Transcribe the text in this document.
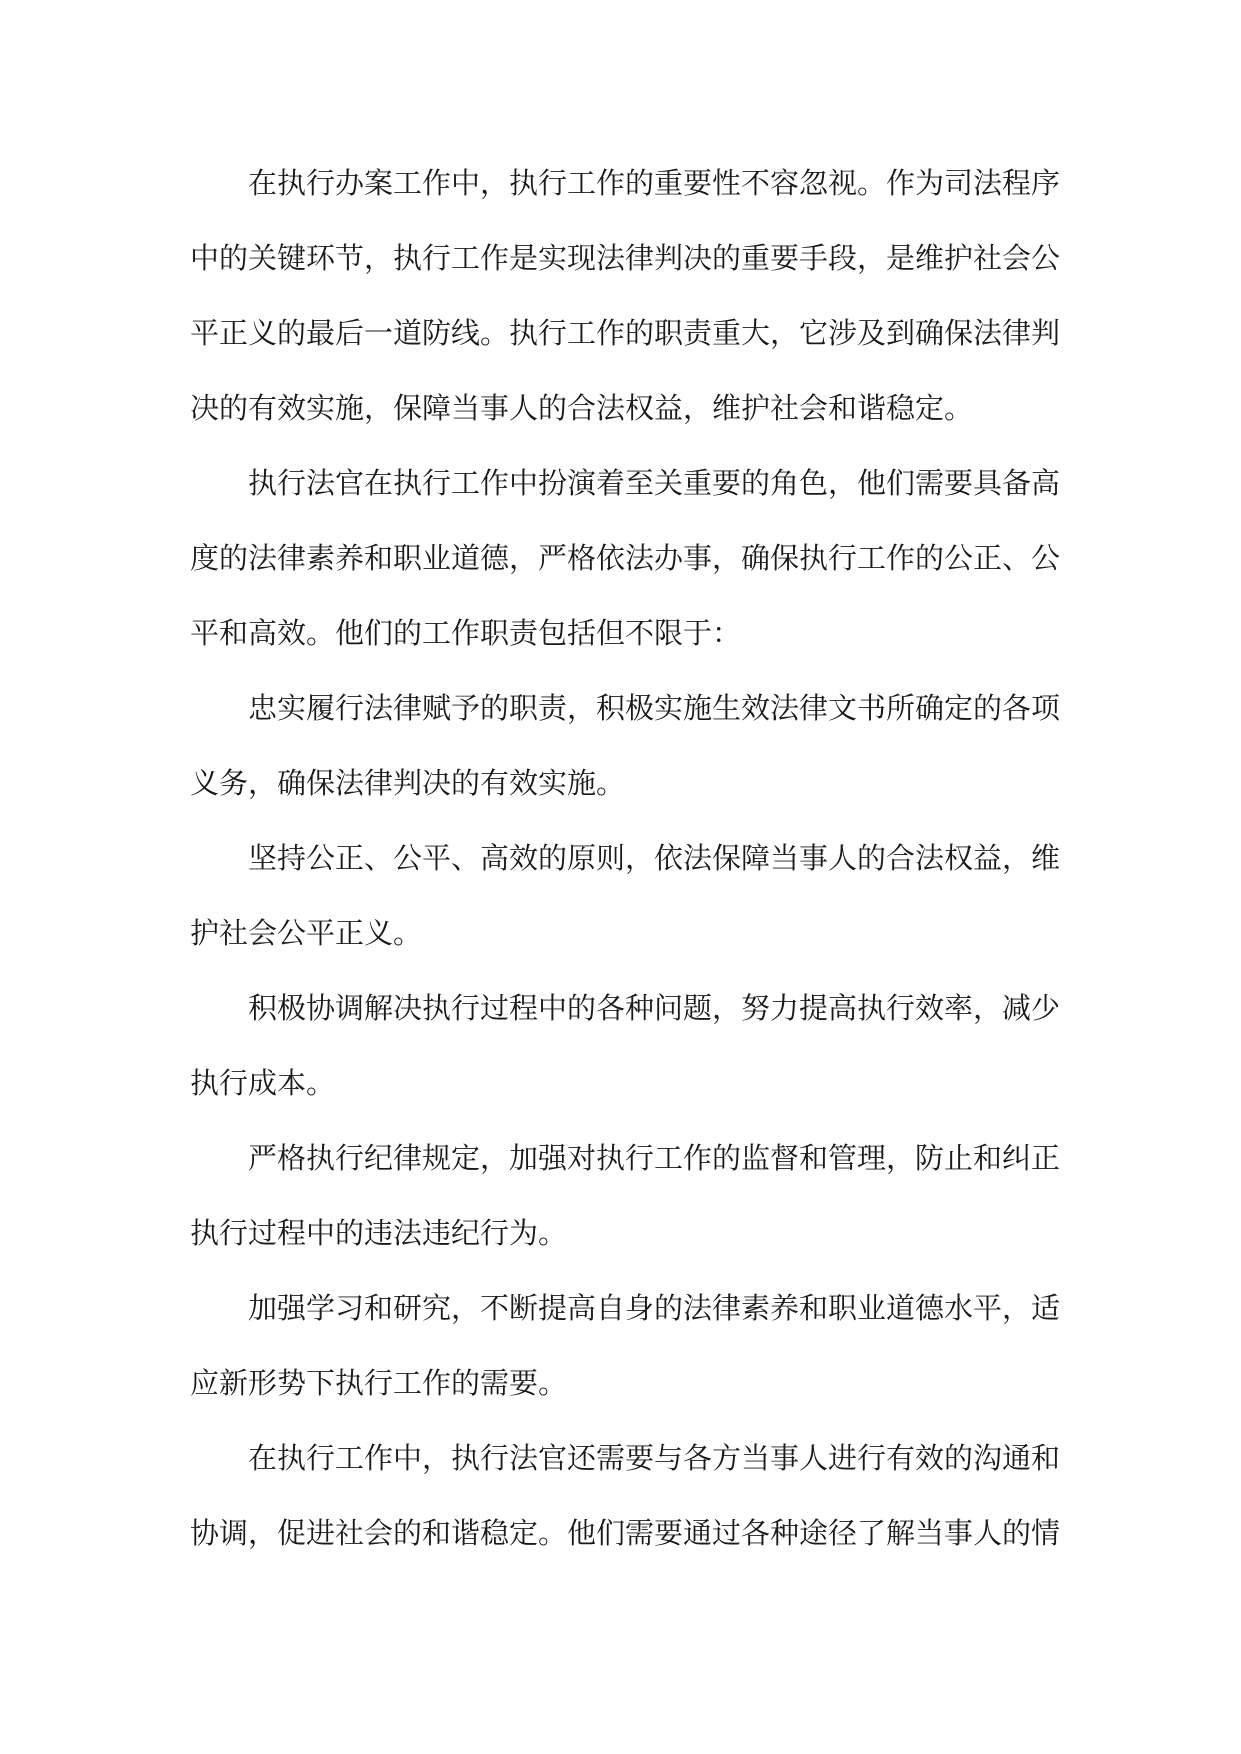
在执行办案工作中，执行工作的重要性不容忽视。作为司法程序中的关键环节，执行工作是实现法律判决的重要手段，是维护社会公平正义的最后一道防线。执行工作的职责重大，它涉及到确保法律判决的有效实施，保障当事人的合法权益，维护社会和谐稳定。

执行法官在执行工作中扮演着至关重要的角色，他们需要具备高度的法律素养和职业道德，严格依法办事，确保执行工作的公正、公平和高效。他们的工作职责包括但不限于：

忠实履行法律赋予的职责，积极实施生效法律文书所确定的各项义务，确保法律判决的有效实施。

坚持公正、公平、高效的原则，依法保障当事人的合法权益，维护社会公平正义。

积极协调解决执行过程中的各种问题，努力提高执行效率，减少执行成本。

严格执行纪律规定，加强对执行工作的监督和管理，防止和纠正执行过程中的违法违纪行为。

加强学习和研究，不断提高自身的法律素养和职业道德水平，适应新形势下执行工作的需要。

在执行工作中，执行法官还需要与各方当事人进行有效的沟通和协调，促进社会的和谐稳定。他们需要通过各种途径了解当事人的情
